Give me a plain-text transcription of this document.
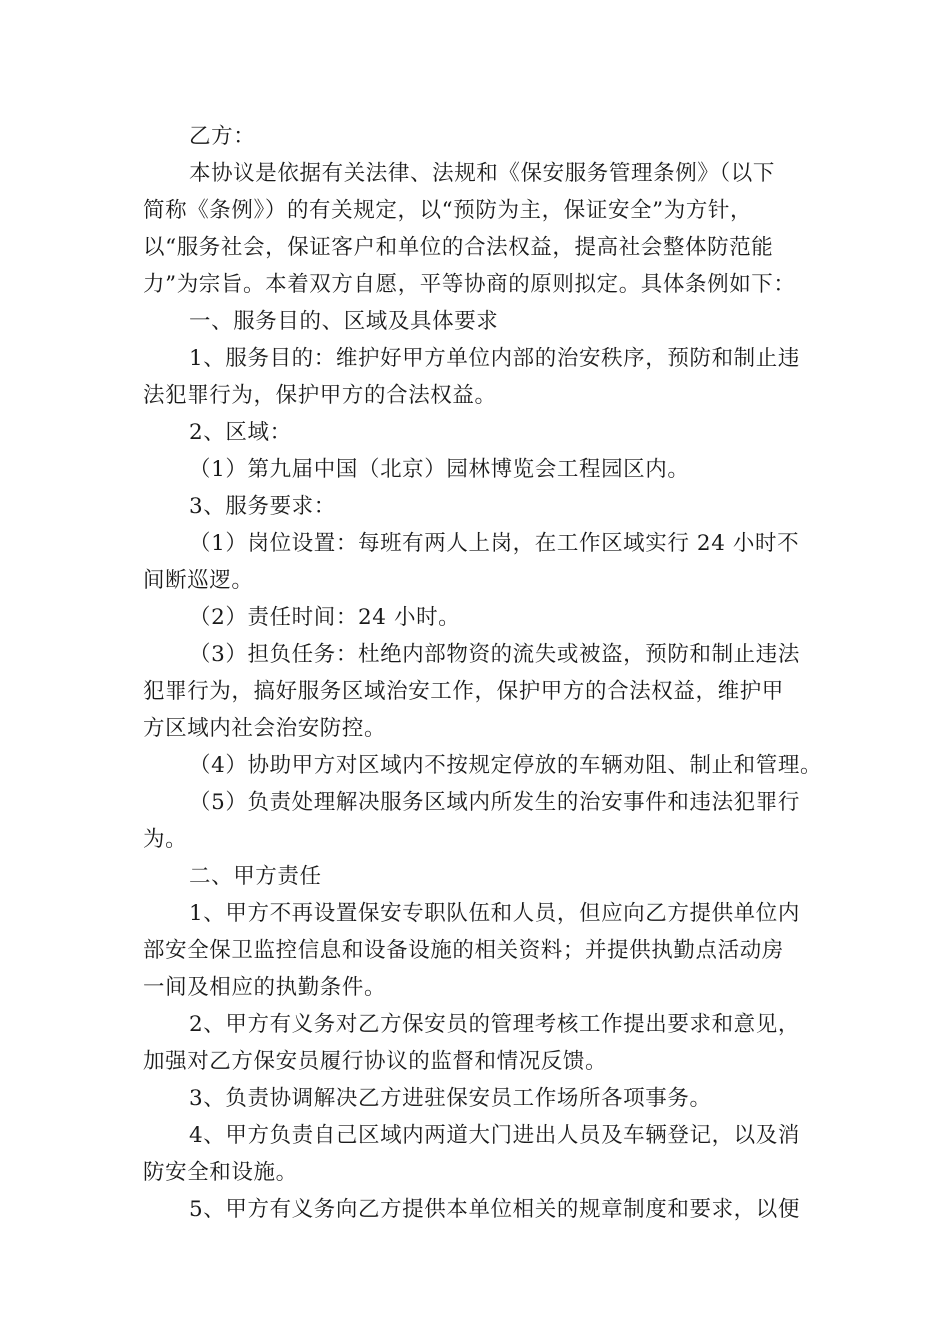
乙方：
本协议是依据有关法律、法规和《保安服务管理条例》（以下
简称《条例》）的有关规定，以“预防为主，保证安全”为方针，
以“服务社会，保证客户和单位的合法权益，提高社会整体防范能
力”为宗旨。本着双方自愿，平等协商的原则拟定。具体条例如下：
一、服务目的、区域及具体要求
1、服务目的：维护好甲方单位内部的治安秩序，预防和制止违
法犯罪行为，保护甲方的合法权益。
2、区域：
（1）第九届中国（北京）园林博览会工程园区内。
3、服务要求：
（1）岗位设置：每班有两人上岗，在工作区域实行 24 小时不
间断巡逻。
（2）责任时间：24 小时。
（3）担负任务：杜绝内部物资的流失或被盗，预防和制止违法
犯罪行为，搞好服务区域治安工作，保护甲方的合法权益，维护甲
方区域内社会治安防控。
（4）协助甲方对区域内不按规定停放的车辆劝阻、制止和管理。
（5）负责处理解决服务区域内所发生的治安事件和违法犯罪行
为。
二、甲方责任
1、甲方不再设置保安专职队伍和人员，但应向乙方提供单位内
部安全保卫监控信息和设备设施的相关资料；并提供执勤点活动房
一间及相应的执勤条件。
2、甲方有义务对乙方保安员的管理考核工作提出要求和意见，
加强对乙方保安员履行协议的监督和情况反馈。
3、负责协调解决乙方进驻保安员工作场所各项事务。
4、甲方负责自己区域内两道大门进出人员及车辆登记，以及消
防安全和设施。
5、甲方有义务向乙方提供本单位相关的规章制度和要求，以便
